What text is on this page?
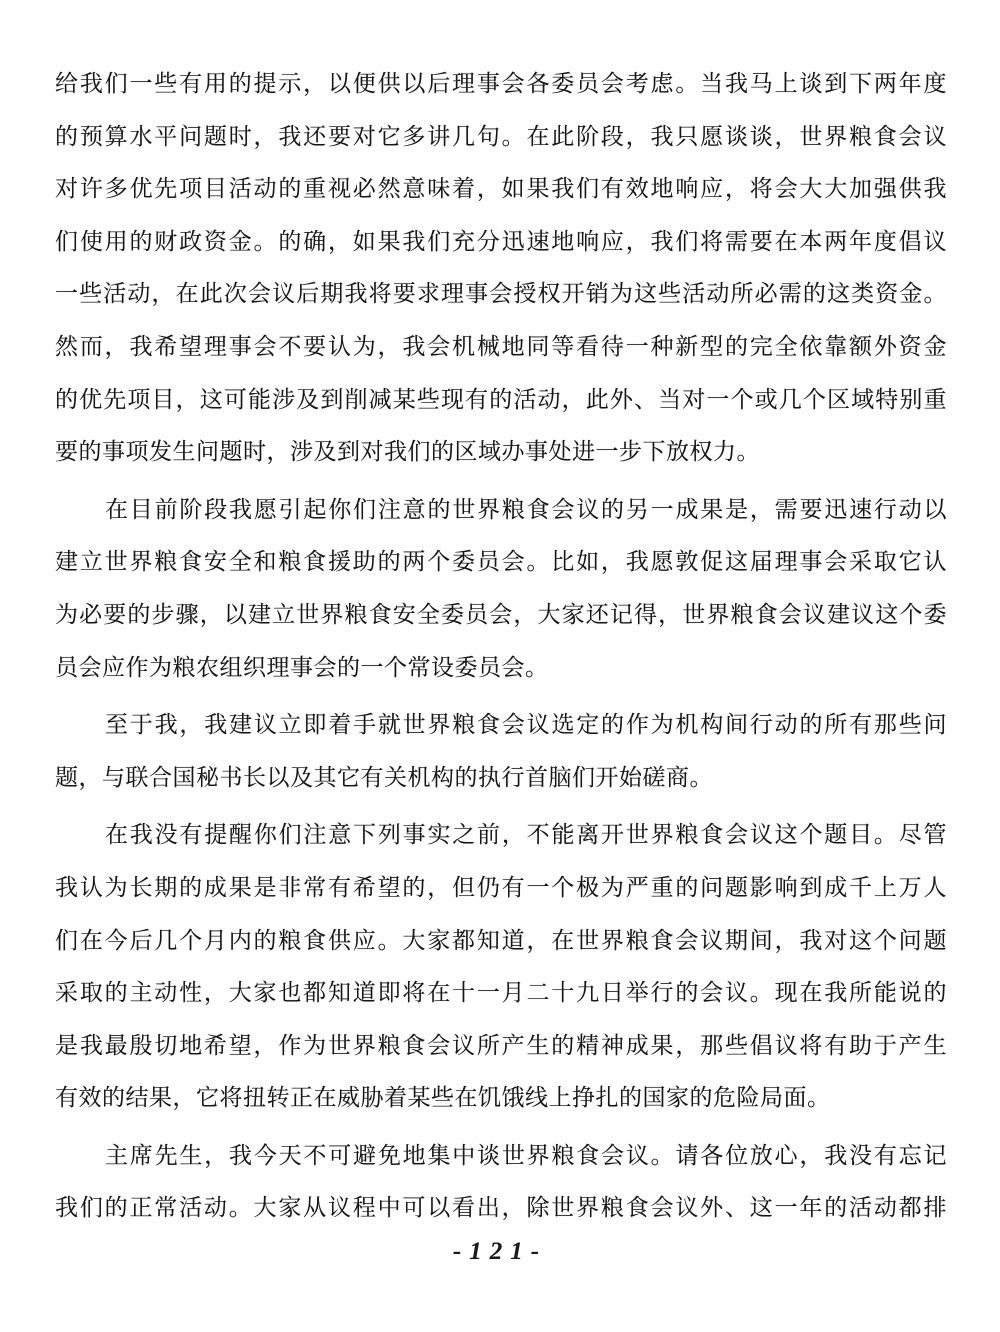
给我们一些有用的提示，以便供以后理事会各委员会考虑。当我马上谈到下两年度
的预算水平问题时，我还要对它多讲几句。在此阶段，我只愿谈谈，世界粮食会议
对许多优先项目活动的重视必然意味着，如果我们有效地响应，将会大大加强供我
们使用的财政资金。的确，如果我们充分迅速地响应，我们将需要在本两年度倡议
一些活动，在此次会议后期我将要求理事会授权开销为这些活动所必需的这类资金。
然而，我希望理事会不要认为，我会机械地同等看待一种新型的完全依靠额外资金
的优先项目，这可能涉及到削减某些现有的活动，此外、当对一个或几个区域特别重
要的事项发生问题时，涉及到对我们的区域办事处进一步下放权力。
在目前阶段我愿引起你们注意的世界粮食会议的另一成果是，需要迅速行动以
建立世界粮食安全和粮食援助的两个委员会。比如，我愿敦促这届理事会采取它认
为必要的步骤，以建立世界粮食安全委员会，大家还记得，世界粮食会议建议这个委
员会应作为粮农组织理事会的一个常设委员会。
至于我，我建议立即着手就世界粮食会议选定的作为机构间行动的所有那些问
题，与联合国秘书长以及其它有关机构的执行首脑们开始磋商。
在我没有提醒你们注意下列事实之前，不能离开世界粮食会议这个题目。尽管
我认为长期的成果是非常有希望的，但仍有一个极为严重的问题影响到成千上万人
们在今后几个月内的粮食供应。大家都知道，在世界粮食会议期间，我对这个问题
采取的主动性，大家也都知道即将在十一月二十九日举行的会议。现在我所能说的
是我最殷切地希望，作为世界粮食会议所产生的精神成果，那些倡议将有助于产生
有效的结果，它将扭转正在威胁着某些在饥饿线上挣扎的国家的危险局面。
主席先生，我今天不可避免地集中谈世界粮食会议。请各位放心，我没有忘记
我们的正常活动。大家从议程中可以看出，除世界粮食会议外、这一年的活动都排
-121-
